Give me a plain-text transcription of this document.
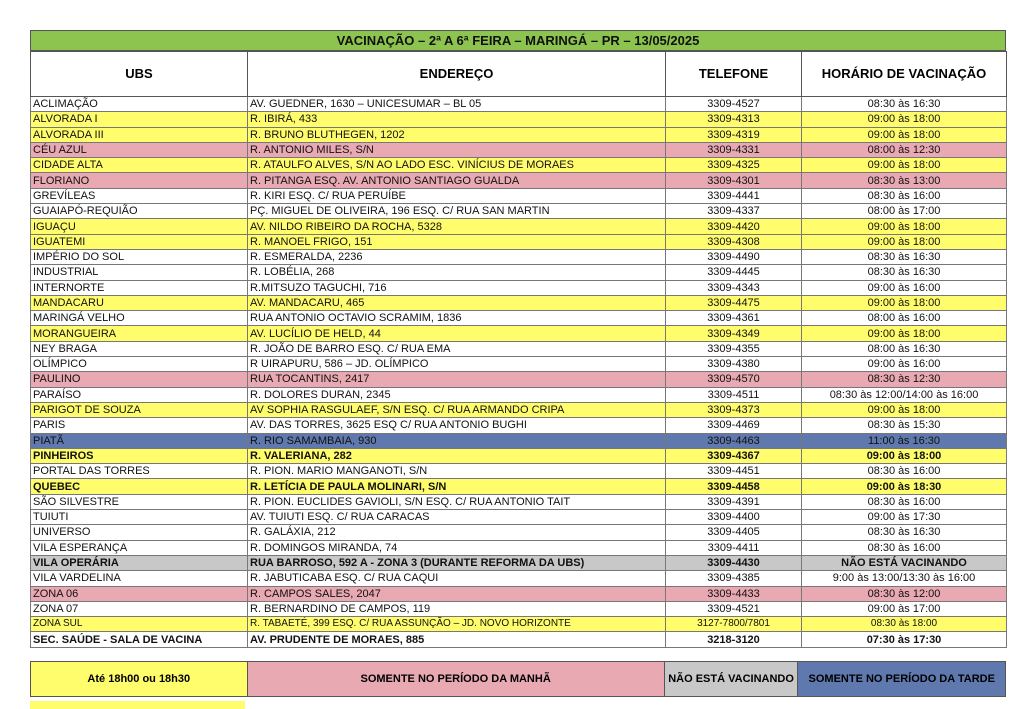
VACINAÇÃO – 2ª A 6ª FEIRA – MARINGÁ – PR – 13/05/2025
UBS	ENDEREÇO	TELEFONE	HORÁRIO DE VACINAÇÃO
ACLIMAÇÃO	AV. GUEDNER, 1630 – UNICESUMAR – BL 05	3309-4527	08:30 às 16:30
ALVORADA I	R. IBIRÁ, 433	3309-4313	09:00 às 18:00
ALVORADA III	R. BRUNO BLUTHEGEN, 1202	3309-4319	09:00 às 18:00
CÉU AZUL	R. ANTONIO MILES, S/N	3309-4331	08:00 às 12:30
CIDADE ALTA	R. ATAULFO ALVES, S/N AO LADO ESC. VINÍCIUS DE MORAES	3309-4325	09:00 às 18:00
FLORIANO	R. PITANGA ESQ. AV. ANTONIO SANTIAGO GUALDA	3309-4301	08:30 às 13:00
GREVÍLEAS	R. KIRI ESQ. C/ RUA PERUÍBE	3309-4441	08:30 às 16:00
GUAIAPÓ-REQUIÃO	PÇ. MIGUEL DE OLIVEIRA, 196 ESQ. C/ RUA SAN MARTIN	3309-4337	08:00 às 17:00
IGUAÇU	AV. NILDO RIBEIRO DA ROCHA, 5328	3309-4420	09:00 às 18:00
IGUATEMI	R. MANOEL FRIGO, 151	3309-4308	09:00 às 18:00
IMPÉRIO DO SOL	R. ESMERALDA, 2236	3309-4490	08:30 às 16:30
INDUSTRIAL	R. LOBÉLIA, 268	3309-4445	08:30 às 16:30
INTERNORTE	R.MITSUZO TAGUCHI, 716	3309-4343	09:00 às 16:00
MANDACARU	AV. MANDACARU, 465	3309-4475	09:00 às 18:00
MARINGÁ VELHO	RUA ANTONIO OCTAVIO SCRAMIM, 1836	3309-4361	08:00 às 16:00
MORANGUEIRA	AV. LUCÍLIO DE HELD, 44	3309-4349	09:00 às 18:00
NEY BRAGA	R. JOÃO DE BARRO ESQ. C/ RUA EMA	3309-4355	08:00 às 16:30
OLÍMPICO	R UIRAPURU, 586 – JD. OLÍMPICO	3309-4380	09:00 às 16:00
PAULINO	RUA TOCANTINS, 2417	3309-4570	08:30 às 12:30
PARAÍSO	R. DOLORES DURAN, 2345	3309-4511	08:30 às 12:00/14:00 às 16:00
PARIGOT DE SOUZA	AV SOPHIA RASGULAEF, S/N ESQ. C/ RUA ARMANDO CRIPA	3309-4373	09:00 às 18:00
PARIS	AV. DAS TORRES, 3625 ESQ C/ RUA ANTONIO BUGHI	3309-4469	08:30 às 15:30
PIATÃ	R. RIO SAMAMBAIA, 930	3309-4463	11:00 às 16:30
PINHEIROS	R. VALERIANA, 282	3309-4367	09:00 às 18:00
PORTAL DAS TORRES	R. PION. MARIO MANGANOTI, S/N	3309-4451	08:30 às 16:00
QUEBEC	R. LETÍCIA DE PAULA MOLINARI, S/N	3309-4458	09:00 às 18:30
SÃO SILVESTRE	R. PION. EUCLIDES GAVIOLI, S/N ESQ. C/ RUA ANTONIO TAIT	3309-4391	08:30 às 16:00
TUIUTI	AV. TUIUTI ESQ. C/ RUA CARACAS	3309-4400	09:00 às 17:30
UNIVERSO	R. GALÁXIA, 212	3309-4405	08:30 às 16:30
VILA ESPERANÇA	R. DOMINGOS MIRANDA, 74	3309-4411	08:30 às 16:00
VILA OPERÁRIA	RUA BARROSO, 592 A - ZONA 3 (DURANTE REFORMA DA UBS)	3309-4430	NÃO ESTÁ VACINANDO
VILA VARDELINA	R. JABUTICABA ESQ. C/ RUA CAQUI	3309-4385	9:00 às 13:00/13:30 às 16:00
ZONA 06	R. CAMPOS SALES, 2047	3309-4433	08:30 às 12:00
ZONA 07	R. BERNARDINO DE CAMPOS, 119	3309-4521	09:00 às 17:00
ZONA SUL	R. TABAETÉ, 399 ESQ. C/ RUA ASSUNÇÃO – JD. NOVO HORIZONTE	3127-7800/7801	08:30 às 18:00
SEC. SAÚDE - SALA DE VACINA	AV. PRUDENTE DE MORAES, 885	3218-3120	07:30 às 17:30
Até 18h00 ou 18h30	SOMENTE NO PERÍODO DA MANHÃ	NÃO ESTÁ VACINANDO	SOMENTE NO PERÍODO DA TARDE
